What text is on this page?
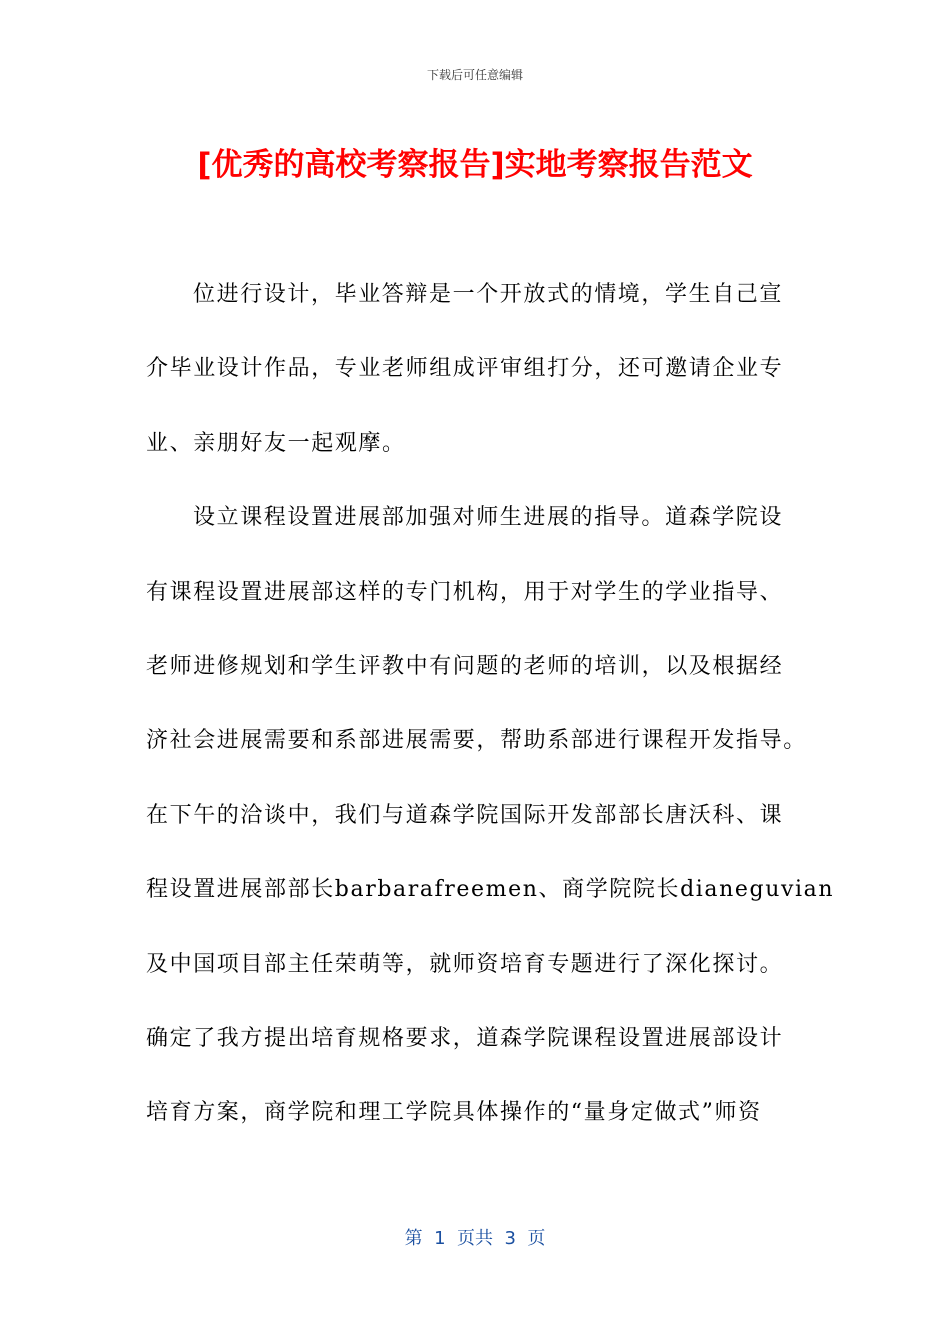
下载后可任意编辑
[优秀的高校考察报告]实地考察报告范文
位进行设计，毕业答辩是一个开放式的情境，学生自己宣
介毕业设计作品，专业老师组成评审组打分，还可邀请企业专
业、亲朋好友一起观摩。
设立课程设置进展部加强对师生进展的指导。道森学院设
有课程设置进展部这样的专门机构，用于对学生的学业指导、
老师进修规划和学生评教中有问题的老师的培训，以及根据经
济社会进展需要和系部进展需要，帮助系部进行课程开发指导。
在下午的洽谈中，我们与道森学院国际开发部部长唐沃科、课
程设置进展部部长barbarafreemen、商学院院长dianeguvian
及中国项目部主任荣萌等，就师资培育专题进行了深化探讨。
确定了我方提出培育规格要求，道森学院课程设置进展部设计
培育方案，商学院和理工学院具体操作的“量身定做式”师资
第  1  页共  3  页
